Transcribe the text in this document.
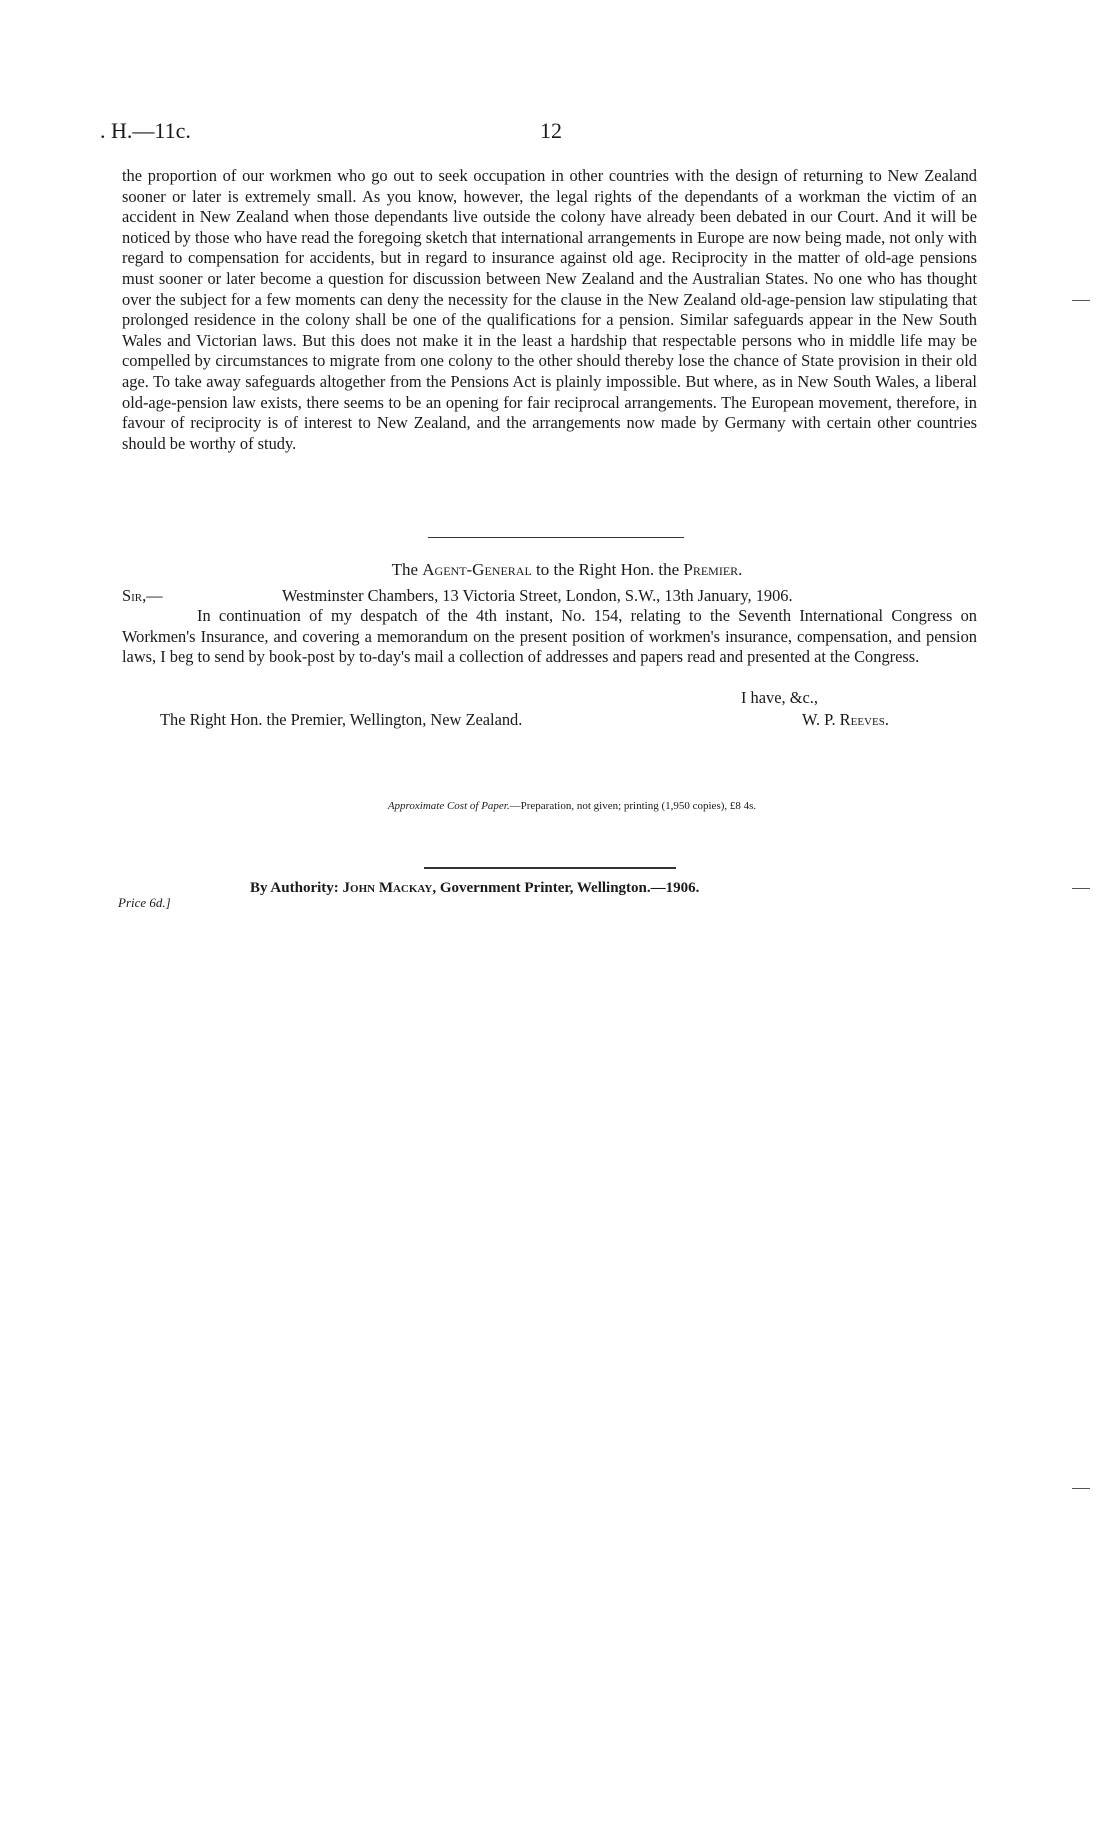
. H.—11c.	12

the proportion of our workmen who go out to seek occupation in other countries with the design of returning to New Zealand sooner or later is extremely small. As you know, however, the legal rights of the dependants of a workman the victim of an accident in New Zealand when those dependants live outside the colony have already been debated in our Court. And it will be noticed by those who have read the foregoing sketch that international arrangements in Europe are now being made, not only with regard to compensation for accidents, but in regard to insurance against old age. Reciprocity in the matter of old-age pensions must sooner or later become a question for discussion between New Zealand and the Australian States. No one who has thought over the subject for a few moments can deny the necessity for the clause in the New Zealand old-age-pension law stipulating that prolonged residence in the colony shall be one of the qualifications for a pension. Similar safeguards appear in the New South Wales and Victorian laws. But this does not make it in the least a hardship that respectable persons who in middle life may be compelled by circumstances to migrate from one colony to the other should thereby lose the chance of State provision in their old age. To take away safeguards altogether from the Pensions Act is plainly impossible. But where, as in New South Wales, a liberal old-age-pension law exists, there seems to be an opening for fair reciprocal arrangements. The European movement, therefore, in favour of reciprocity is of interest to New Zealand, and the arrangements now made by Germany with certain other countries should be worthy of study.

The Agent-General to the Right Hon. the Premier.
Sir,—	Westminster Chambers, 13 Victoria Street, London, S.W., 13th January, 1906.

In continuation of my despatch of the 4th instant, No. 154, relating to the Seventh International Congress on Workmen's Insurance, and covering a memorandum on the present position of workmen's insurance, compensation, and pension laws, I beg to send by book-post by to-day's mail a collection of addresses and papers read and presented at the Congress.

I have, &c.,
The Right Hon. the Premier, Wellington, New Zealand.	W. P. Reeves.
Approximate Cost of Paper.—Preparation, not given; printing (1,950 copies), £8 4s.
Price 6d.]
By Authority: John Mackay, Government Printer, Wellington.—1906.
